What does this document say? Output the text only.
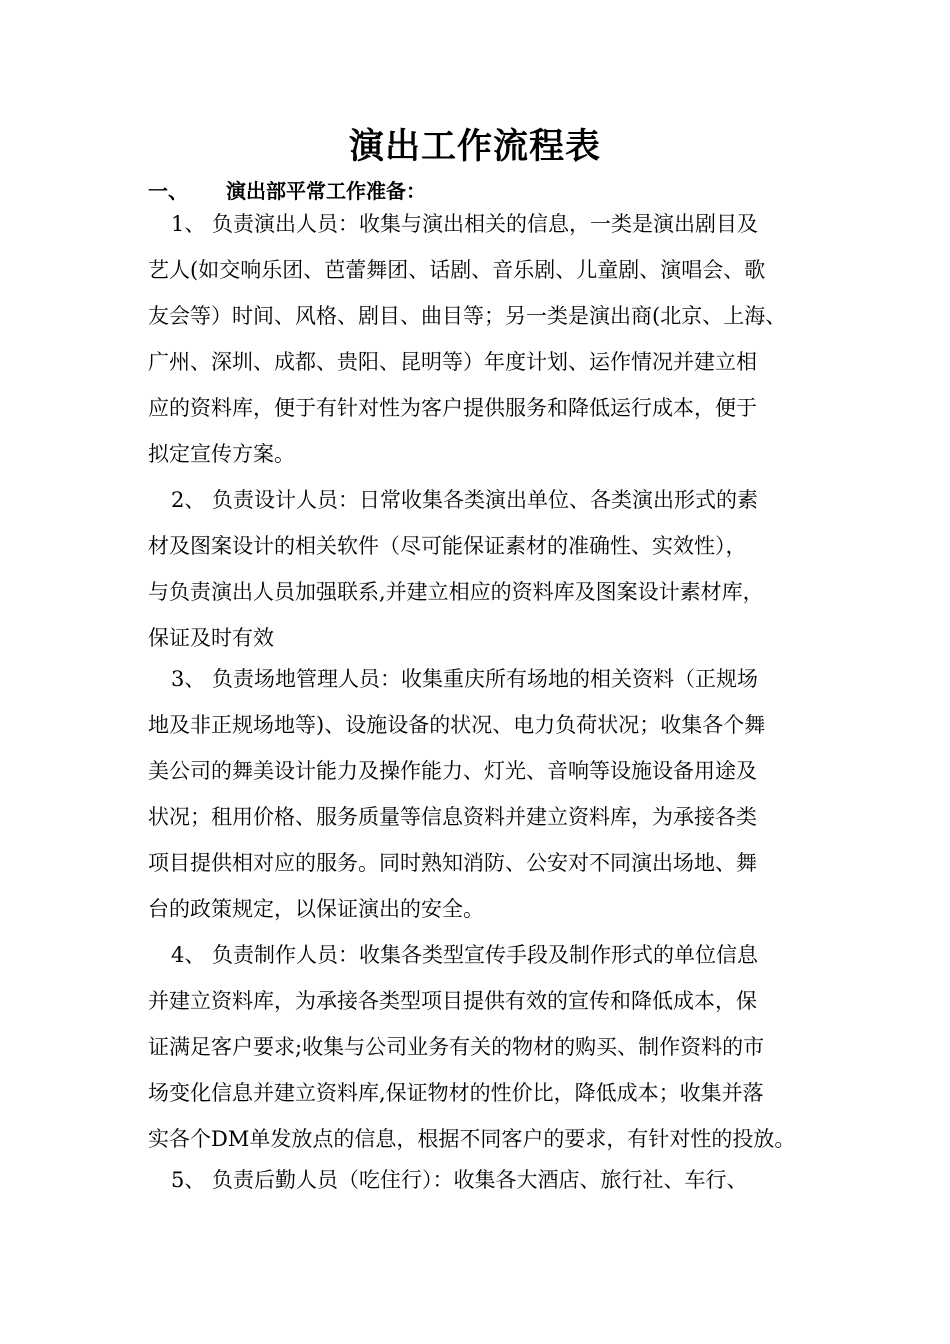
演出工作流程表
一、 演出部平常工作准备：
1、 负责演出人员：收集与演出相关的信息，一类是演出剧目及
艺人(如交响乐团、芭蕾舞团、话剧、音乐剧、儿童剧、演唱会、歌
友会等）时间、风格、剧目、曲目等；另一类是演出商(北京、上海、
广州、深圳、成都、贵阳、昆明等）年度计划、运作情况并建立相
应的资料库，便于有针对性为客户提供服务和降低运行成本，便于
拟定宣传方案。
2、 负责设计人员：日常收集各类演出单位、各类演出形式的素
材及图案设计的相关软件（尽可能保证素材的准确性、实效性），
与负责演出人员加强联系,并建立相应的资料库及图案设计素材库，
保证及时有效
3、 负责场地管理人员：收集重庆所有场地的相关资料（正规场
地及非正规场地等)、设施设备的状况、电力负荷状况；收集各个舞
美公司的舞美设计能力及操作能力、灯光、音响等设施设备用途及
状况；租用价格、服务质量等信息资料并建立资料库，为承接各类
项目提供相对应的服务。同时熟知消防、公安对不同演出场地、舞
台的政策规定，以保证演出的安全。
4、 负责制作人员：收集各类型宣传手段及制作形式的单位信息
并建立资料库，为承接各类型项目提供有效的宣传和降低成本，保
证满足客户要求;收集与公司业务有关的物材的购买、制作资料的市
场变化信息并建立资料库,保证物材的性价比，降低成本；收集并落
实各个DM单发放点的信息，根据不同客户的要求，有针对性的投放。
5、 负责后勤人员（吃住行）：收集各大酒店、旅行社、车行、
